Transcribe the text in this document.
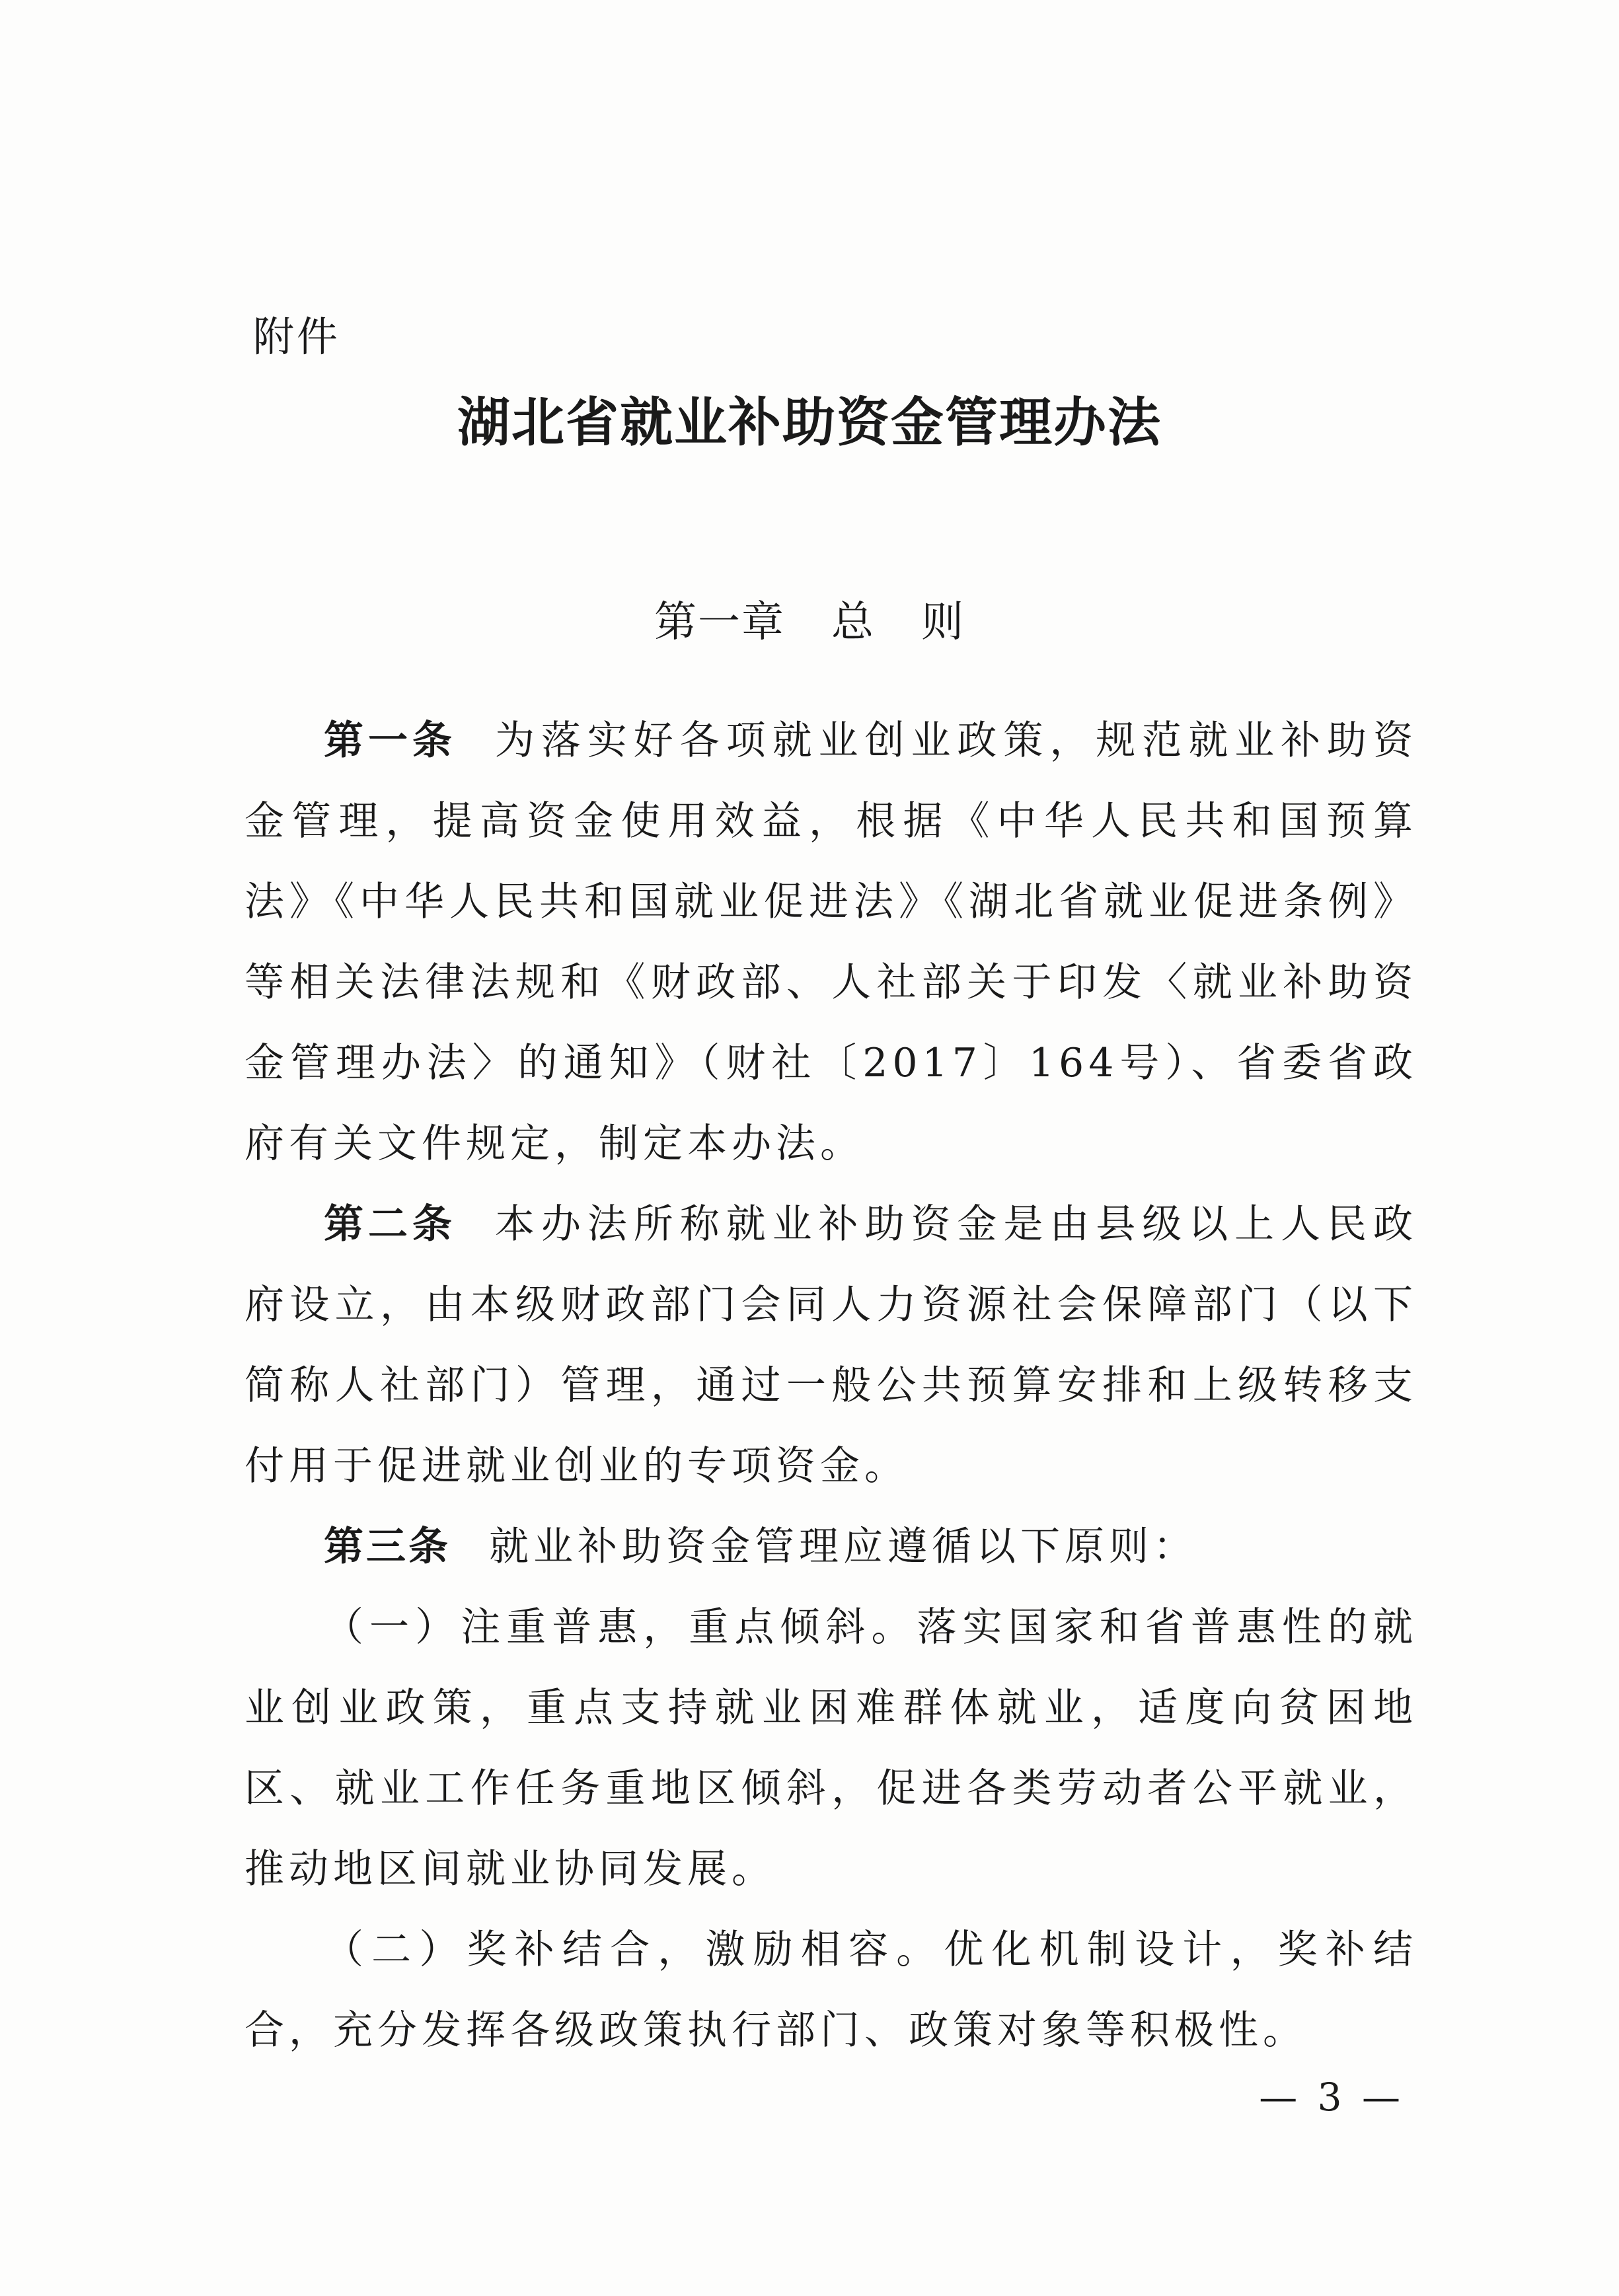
附件
湖北省就业补助资金管理办法
第一章 总 则

第一条 为落实好各项就业创业政策，规范就业补助资金管理，提高资金使用效益，根据《中华人民共和国预算法》《中华人民共和国就业促进法》《湖北省就业促进条例》等相关法律法规和《财政部、人社部关于印发〈就业补助资金管理办法〉的通知》（财社〔2017〕164号）、省委省政府有关文件规定，制定本办法。

第二条 本办法所称就业补助资金是由县级以上人民政府设立，由本级财政部门会同人力资源社会保障部门（以下简称人社部门）管理，通过一般公共预算安排和上级转移支付用于促进就业创业的专项资金。

第三条 就业补助资金管理应遵循以下原则：

（一）注重普惠，重点倾斜。落实国家和省普惠性的就业创业政策，重点支持就业困难群体就业，适度向贫困地区、就业工作任务重地区倾斜，促进各类劳动者公平就业，推动地区间就业协同发展。

（二）奖补结合，激励相容。优化机制设计，奖补结合，充分发挥各级政策执行部门、政策对象等积极性。

— 3 —
